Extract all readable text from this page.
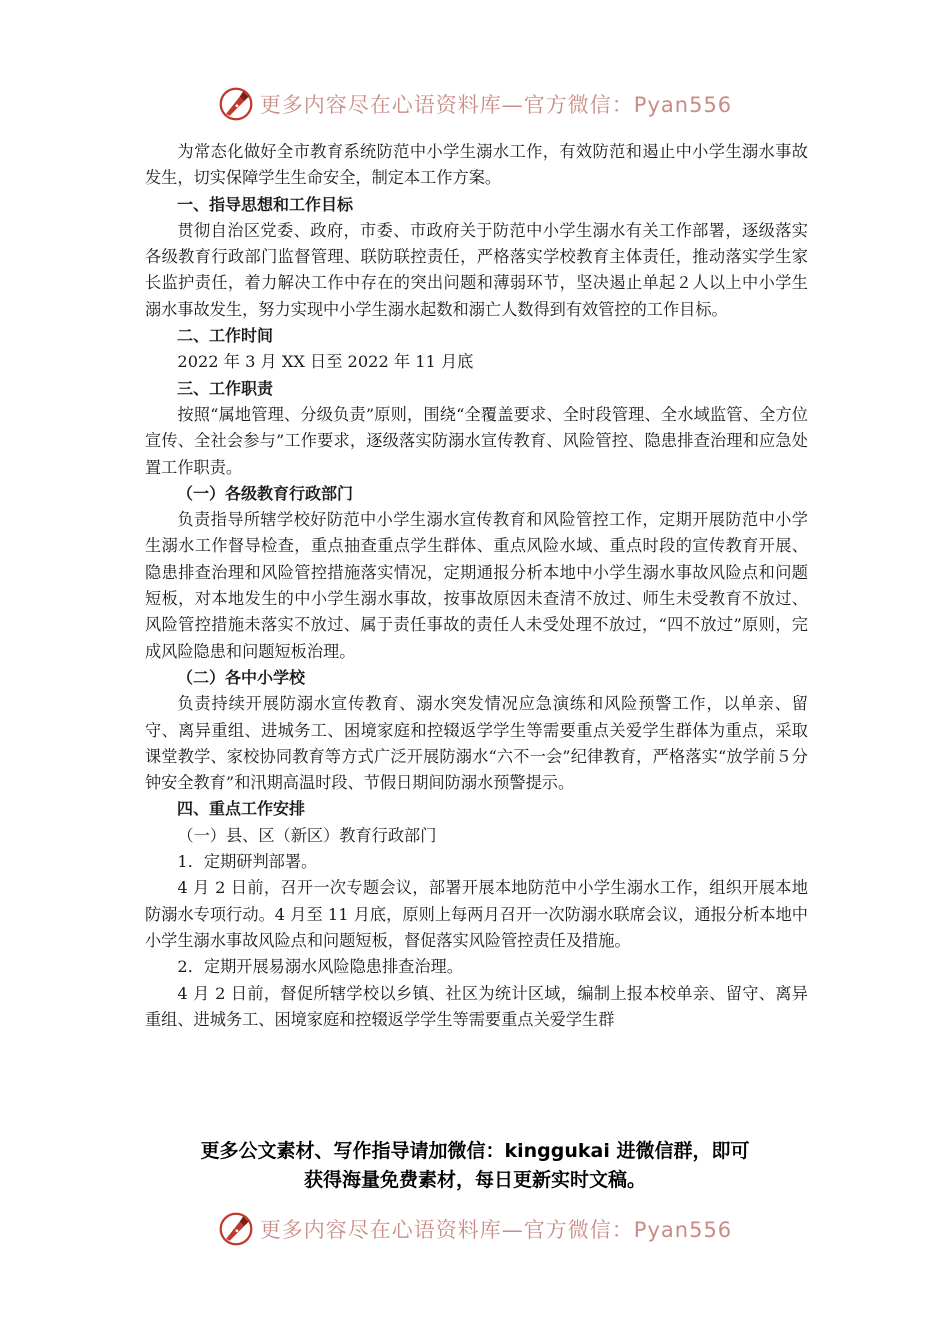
更多内容尽在心语资料库—官方微信：Pyan556

为常态化做好全市教育系统防范中小学生溺水工作，有效防范和遏止中小学生溺水事故发生，切实保障学生生命安全，制定本工作方案。

一、指导思想和工作目标

贯彻自治区党委、政府，市委、市政府关于防范中小学生溺水有关工作部署，逐级落实各级教育行政部门监督管理、联防联控责任，严格落实学校教育主体责任，推动落实学生家长监护责任，着力解决工作中存在的突出问题和薄弱环节，坚决遏止单起２人以上中小学生溺水事故发生，努力实现中小学生溺水起数和溺亡人数得到有效管控的工作目标。

二、工作时间

2022 年 3 月 XX 日至 2022 年 11 月底

三、工作职责

按照“属地管理、分级负责”原则，围绕“全覆盖要求、全时段管理、全水域监管、全方位宣传、全社会参与”工作要求，逐级落实防溺水宣传教育、风险管控、隐患排查治理和应急处置工作职责。

（一）各级教育行政部门

负责指导所辖学校好防范中小学生溺水宣传教育和风险管控工作，定期开展防范中小学生溺水工作督导检查，重点抽查重点学生群体、重点风险水域、重点时段的宣传教育开展、隐患排查治理和风险管控措施落实情况，定期通报分析本地中小学生溺水事故风险点和问题短板，对本地发生的中小学生溺水事故，按事故原因未查清不放过、师生未受教育不放过、风险管控措施未落实不放过、属于责任事故的责任人未受处理不放过，“四不放过”原则，完成风险隐患和问题短板治理。

（二）各中小学校

负责持续开展防溺水宣传教育、溺水突发情况应急演练和风险预警工作，以单亲、留守、离异重组、进城务工、困境家庭和控辍返学学生等需要重点关爱学生群体为重点，采取课堂教学、家校协同教育等方式广泛开展防溺水“六不一会”纪律教育，严格落实“放学前５分钟安全教育”和汛期高温时段、节假日期间防溺水预警提示。

四、重点工作安排

（一）县、区（新区）教育行政部门

1．定期研判部署。

4 月 2 日前，召开一次专题会议，部署开展本地防范中小学生溺水工作，组织开展本地防溺水专项行动。4 月至 11 月底，原则上每两月召开一次防溺水联席会议，通报分析本地中小学生溺水事故风险点和问题短板，督促落实风险管控责任及措施。

2．定期开展易溺水风险隐患排查治理。

4 月 2 日前，督促所辖学校以乡镇、社区为统计区域，编制上报本校单亲、留守、离异重组、进城务工、困境家庭和控辍返学学生等需要重点关爱学生群

更多公文素材、写作指导请加微信：kinggukai 进微信群，即可
获得海量免费素材，每日更新实时文稿。
更多内容尽在心语资料库—官方微信：Pyan556
